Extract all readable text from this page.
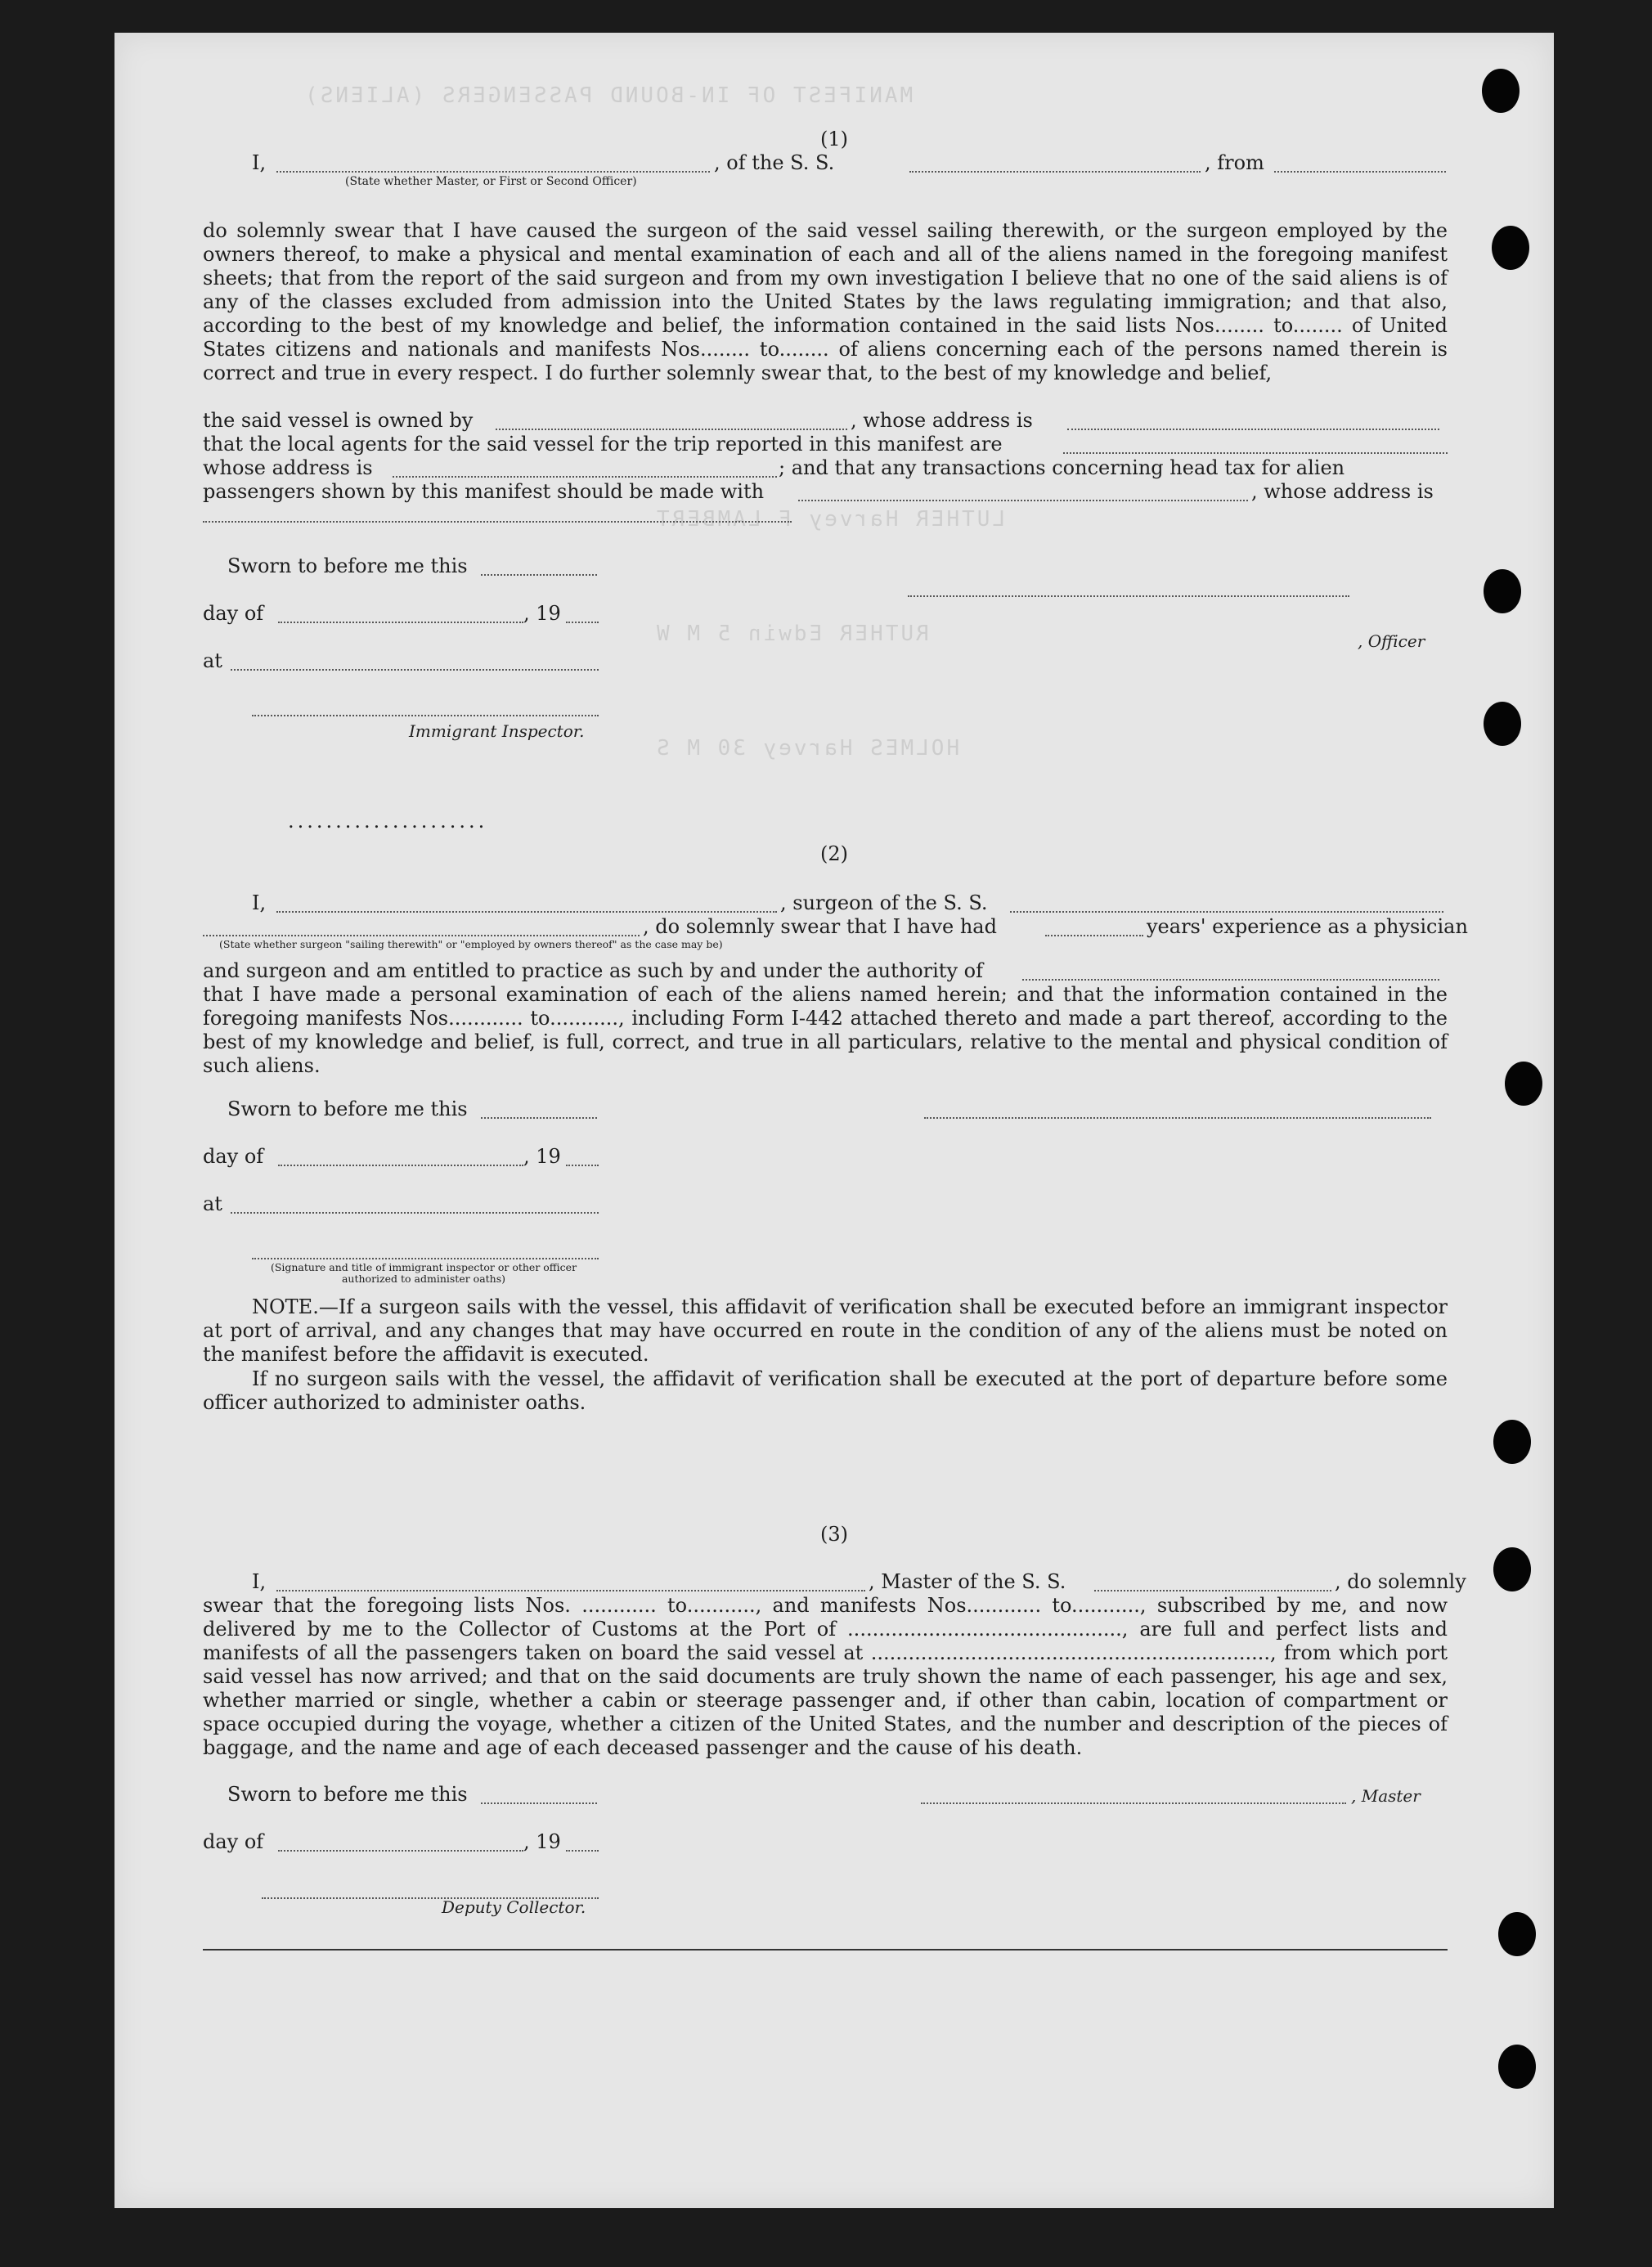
MANIFEST OF IN-BOUND PASSENGERS (ALIENS)
LUTHER Harvey F LAMBERT
RUTHER Edwin 5 M W
HOLMES Harvey 30 M S
(1)
I,	, of the S. S.	, from
(State whether Master, or First or Second Officer)
do solemnly swear that I have caused the surgeon of the said vessel sailing therewith, or the surgeon employed by the owners thereof, to make a physical and mental examination of each and all of the aliens named in the foregoing manifest sheets; that from the report of the said surgeon and from my own investigation I believe that no one of the said aliens is of any of the classes excluded from admission into the United States by the laws regulating immigration; and that also, according to the best of my knowledge and belief, the information contained in the said lists Nos........ to........ of United States citizens and nationals and manifests Nos........ to........ of aliens concerning each of the persons named therein is correct and true in every respect. I do further solemnly swear that, to the best of my knowledge and belief,
the said vessel is owned by	, whose address is
that the local agents for the said vessel for the trip reported in this manifest are
whose address is	; and that any transactions concerning head tax for alien
passengers shown by this manifest should be made with	, whose address is
Sworn to before me this
day of	, 19
at
Immigrant Inspector.
, Officer
.....................
(2)
I,	, surgeon of the S. S.
, do solemnly swear that I have had	years' experience as a physician
(State whether surgeon "sailing therewith" or "employed by owners thereof" as the case may be)
and surgeon and am entitled to practice as such by and under the authority of
that I have made a personal examination of each of the aliens named herein; and that the information contained in the foregoing manifests Nos............ to..........., including Form I-442 attached thereto and made a part thereof, according to the best of my knowledge and belief, is full, correct, and true in all particulars, relative to the mental and physical condition of such aliens.
Sworn to before me this
day of	, 19
at
(Signature and title of immigrant inspector or other officer authorized to administer oaths)
NOTE.—If a surgeon sails with the vessel, this affidavit of verification shall be executed before an immigrant inspector at port of arrival, and any changes that may have occurred en route in the condition of any of the aliens must be noted on the manifest before the affidavit is executed.
If no surgeon sails with the vessel, the affidavit of verification shall be executed at the port of departure before some officer authorized to administer oaths.
(3)
I,	, Master of the S. S.	, do solemnly
swear that the foregoing lists Nos. ............ to..........., and manifests Nos............ to..........., subscribed by me, and now delivered by me to the Collector of Customs at the Port of ............................................, are full and perfect lists and manifests of all the passengers taken on board the said vessel at ................................................................, from which port said vessel has now arrived; and that on the said documents are truly shown the name of each passenger, his age and sex, whether married or single, whether a cabin or steerage passenger and, if other than cabin, location of compartment or space occupied during the voyage, whether a citizen of the United States, and the number and description of the pieces of baggage, and the name and age of each deceased passenger and the cause of his death.
Sworn to before me this
day of	, 19
, Master
Deputy Collector.
